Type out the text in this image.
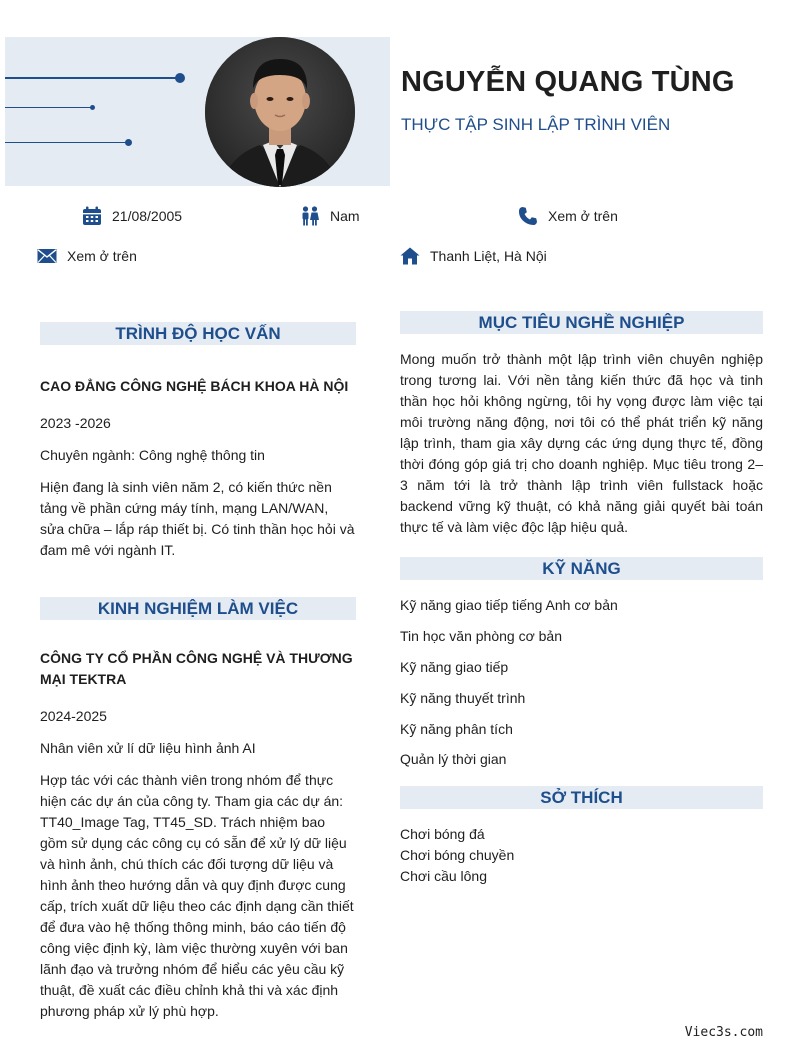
NGUYỄN QUANG TÙNG
THỰC TẬP SINH LẬP TRÌNH VIÊN
21/08/2005	Nam	Xem ở trên
Xem ở trên	Thanh Liệt, Hà Nội
TRÌNH ĐỘ HỌC VẤN
CAO ĐẲNG CÔNG NGHỆ BÁCH KHOA HÀ NỘI
2023 -2026
Chuyên ngành: Công nghệ thông tin
Hiện đang là sinh viên năm 2, có kiến thức nền tảng về phần cứng máy tính, mạng LAN/WAN, sửa chữa – lắp ráp thiết bị. Có tinh thần học hỏi và đam mê với ngành IT.
KINH NGHIỆM LÀM VIỆC
CÔNG TY CỔ PHẦN CÔNG NGHỆ VÀ THƯƠNG MẠI TEKTRA
2024-2025
Nhân viên xử lí dữ liệu hình ảnh AI
Hợp tác với các thành viên trong nhóm để thực hiện các dự án của công ty. Tham gia các dự án: TT40_Image Tag, TT45_SD. Trách nhiệm bao gồm sử dụng các công cụ có sẵn để xử lý dữ liệu và hình ảnh, chú thích các đối tượng dữ liệu và hình ảnh theo hướng dẫn và quy định được cung cấp, trích xuất dữ liệu theo các định dạng cần thiết để đưa vào hệ thống thông minh, báo cáo tiến độ công việc định kỳ, làm việc thường xuyên với ban lãnh đạo và trưởng nhóm để hiểu các yêu cầu kỹ thuật, đề xuất các điều chỉnh khả thi và xác định phương pháp xử lý phù hợp.
MỤC TIÊU NGHỀ NGHIỆP
Mong muốn trở thành một lập trình viên chuyên nghiệp trong tương lai. Với nền tảng kiến thức đã học và tinh thần học hỏi không ngừng, tôi hy vọng được làm việc tại môi trường năng động, nơi tôi có thể phát triển kỹ năng lập trình, tham gia xây dựng các ứng dụng thực tế, đồng thời đóng góp giá trị cho doanh nghiệp. Mục tiêu trong 2–3 năm tới là trở thành lập trình viên fullstack hoặc backend vững kỹ thuật, có khả năng giải quyết bài toán thực tế và làm việc độc lập hiệu quả.
KỸ NĂNG
Kỹ năng giao tiếp tiếng Anh cơ bản
Tin học văn phòng cơ bản
Kỹ năng giao tiếp
Kỹ năng thuyết trình
Kỹ năng phân tích
Quản lý thời gian
SỞ THÍCH
Chơi bóng đá
Chơi bóng chuyền
Chơi cầu lông
Viec3s.com
